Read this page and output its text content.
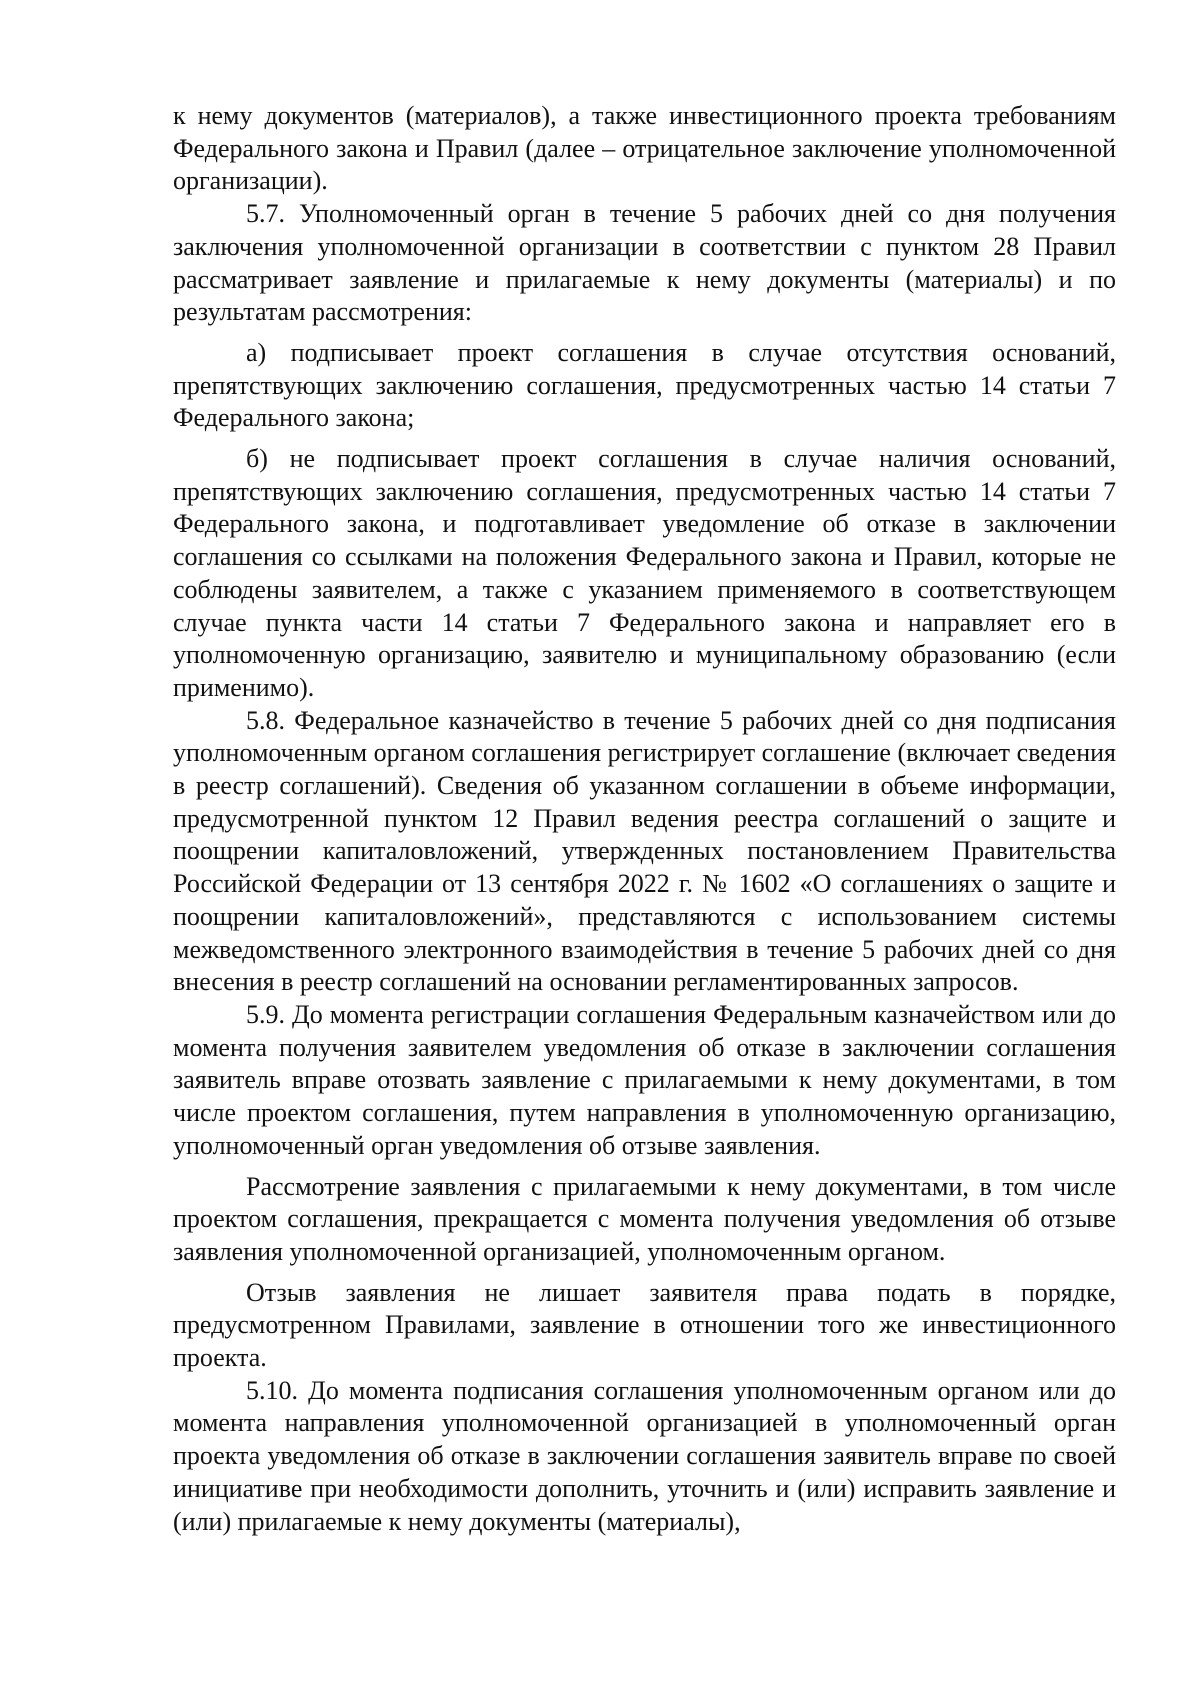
к нему документов (материалов), а также инвестиционного проекта требованиям Федерального закона и Правил (далее – отрицательное заключение уполномоченной организации).

5.7. Уполномоченный орган в течение 5 рабочих дней со дня получения заключения уполномоченной организации в соответствии с пунктом 28 Правил рассматривает заявление и прилагаемые к нему документы (материалы) и по результатам рассмотрения:

а) подписывает проект соглашения в случае отсутствия оснований, препятствующих заключению соглашения, предусмотренных частью 14 статьи 7 Федерального закона;

б) не подписывает проект соглашения в случае наличия оснований, препятствующих заключению соглашения, предусмотренных частью 14 статьи 7 Федерального закона, и подготавливает уведомление об отказе в заключении соглашения со ссылками на положения Федерального закона и Правил, которые не соблюдены заявителем, а также с указанием применяемого в соответствующем случае пункта части 14 статьи 7 Федерального закона и направляет его в уполномоченную организацию, заявителю и муниципальному образованию (если применимо).

5.8. Федеральное казначейство в течение 5 рабочих дней со дня подписания уполномоченным органом соглашения регистрирует соглашение (включает сведения в реестр соглашений). Сведения об указанном соглашении в объеме информации, предусмотренной пунктом 12 Правил ведения реестра соглашений о защите и поощрении капиталовложений, утвержденных постановлением Правительства Российской Федерации от 13 сентября 2022 г. № 1602 «О соглашениях о защите и поощрении капиталовложений», представляются с использованием системы межведомственного электронного взаимодействия в течение 5 рабочих дней со дня внесения в реестр соглашений на основании регламентированных запросов.

5.9. До момента регистрации соглашения Федеральным казначейством или до момента получения заявителем уведомления об отказе в заключении соглашения заявитель вправе отозвать заявление с прилагаемыми к нему документами, в том числе проектом соглашения, путем направления в уполномоченную организацию, уполномоченный орган уведомления об отзыве заявления.

Рассмотрение заявления с прилагаемыми к нему документами, в том числе проектом соглашения, прекращается с момента получения уведомления об отзыве заявления уполномоченной организацией, уполномоченным органом.

Отзыв заявления не лишает заявителя права подать в порядке, предусмотренном Правилами, заявление в отношении того же инвестиционного проекта.

5.10. До момента подписания соглашения уполномоченным органом или до момента направления уполномоченной организацией в уполномоченный орган проекта уведомления об отказе в заключении соглашения заявитель вправе по своей инициативе при необходимости дополнить, уточнить и (или) исправить заявление и (или) прилагаемые к нему документы (материалы),
